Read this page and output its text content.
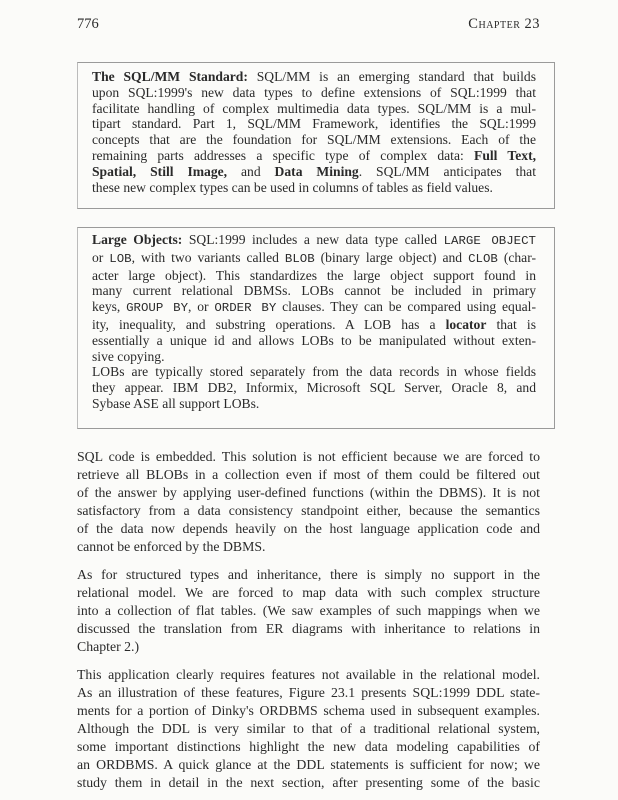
776	Chapter 23
The SQL/MM Standard: SQL/MM is an emerging standard that builds
upon SQL:1999's new data types to define extensions of SQL:1999 that
facilitate handling of complex multimedia data types. SQL/MM is a mul-
tipart standard. Part 1, SQL/MM Framework, identifies the SQL:1999
concepts that are the foundation for SQL/MM extensions. Each of the
remaining parts addresses a specific type of complex data: Full Text,
Spatial, Still Image, and Data Mining. SQL/MM anticipates that
these new complex types can be used in columns of tables as field values.
Large Objects: SQL:1999 includes a new data type called LARGE OBJECT
or LOB, with two variants called BLOB (binary large object) and CLOB (char-
acter large object). This standardizes the large object support found in
many current relational DBMSs. LOBs cannot be included in primary
keys, GROUP BY, or ORDER BY clauses. They can be compared using equal-
ity, inequality, and substring operations. A LOB has a locator that is
essentially a unique id and allows LOBs to be manipulated without exten-
sive copying.
LOBs are typically stored separately from the data records in whose fields
they appear. IBM DB2, Informix, Microsoft SQL Server, Oracle 8, and
Sybase ASE all support LOBs.
SQL code is embedded. This solution is not efficient because we are forced to
retrieve all BLOBs in a collection even if most of them could be filtered out
of the answer by applying user-defined functions (within the DBMS). It is not
satisfactory from a data consistency standpoint either, because the semantics
of the data now depends heavily on the host language application code and
cannot be enforced by the DBMS.
As for structured types and inheritance, there is simply no support in the
relational model. We are forced to map data with such complex structure
into a collection of flat tables. (We saw examples of such mappings when we
discussed the translation from ER diagrams with inheritance to relations in
Chapter 2.)
This application clearly requires features not available in the relational model.
As an illustration of these features, Figure 23.1 presents SQL:1999 DDL state-
ments for a portion of Dinky's ORDBMS schema used in subsequent examples.
Although the DDL is very similar to that of a traditional relational system,
some important distinctions highlight the new data modeling capabilities of
an ORDBMS. A quick glance at the DDL statements is sufficient for now; we
study them in detail in the next section, after presenting some of the basic
